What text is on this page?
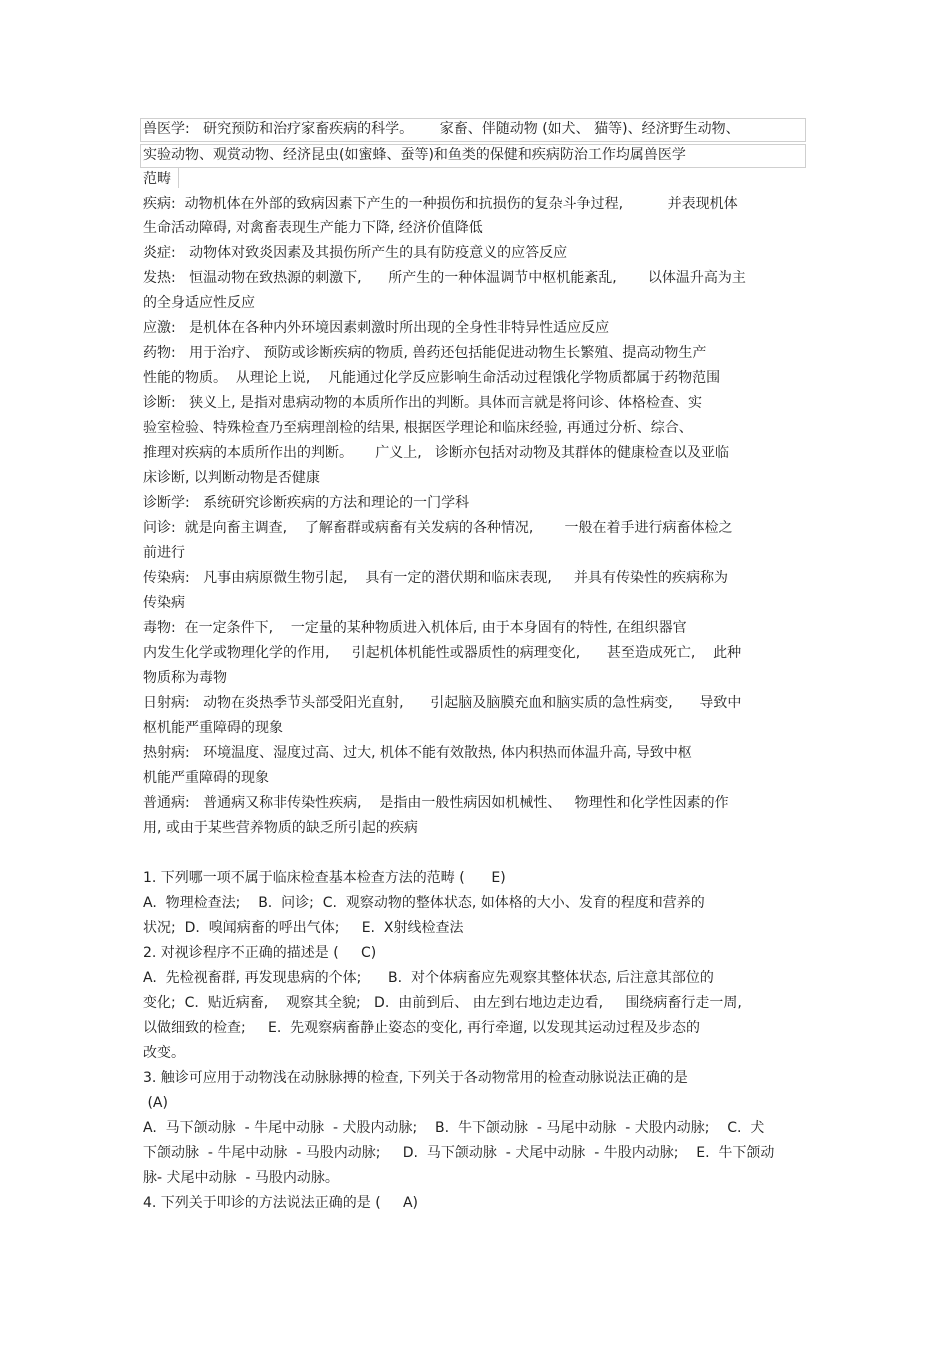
兽医学:   研究预防和治疗家畜疾病的科学。      家畜、伴随动物 (如犬、 猫等)、经济野生动物、
实验动物、观赏动物、经济昆虫(如蜜蜂、蚕等)和鱼类的保健和疾病防治工作均属兽医学
范畴
疾病:  动物机体在外部的致病因素下产生的一种损伤和抗损伤的复杂斗争过程,          并表现机体
生命活动障碍, 对禽畜表现生产能力下降, 经济价值降低
炎症:   动物体对致炎因素及其损伤所产生的具有防疫意义的应答反应
发热:   恒温动物在致热源的刺激下,      所产生的一种体温调节中枢机能紊乱,       以体温升高为主
的全身适应性反应
应激:   是机体在各种内外环境因素刺激时所出现的全身性非特异性适应反应
药物:   用于治疗、 预防或诊断疾病的物质, 兽药还包括能促进动物生长繁殖、提高动物生产
性能的物质。  从理论上说,    凡能通过化学反应影响生命活动过程饿化学物质都属于药物范围
诊断:   狭义上, 是指对患病动物的本质所作出的判断。具体而言就是将问诊、体格检查、实
验室检验、特殊检查乃至病理剖检的结果, 根据医学理论和临床经验, 再通过分析、综合、
推理对疾病的本质所作出的判断。     广义上,   诊断亦包括对动物及其群体的健康检查以及亚临
床诊断, 以判断动物是否健康
诊断学:   系统研究诊断疾病的方法和理论的一门学科
问诊:  就是向畜主调查,    了解畜群或病畜有关发病的各种情况,       一般在着手进行病畜体检之
前进行
传染病:   凡事由病原微生物引起,    具有一定的潜伏期和临床表现,     并具有传染性的疾病称为
传染病
毒物:  在一定条件下,    一定量的某种物质进入机体后, 由于本身固有的特性, 在组织器官
内发生化学或物理化学的作用,     引起机体机能性或器质性的病理变化,      甚至造成死亡,    此种
物质称为毒物
日射病:   动物在炎热季节头部受阳光直射,      引起脑及脑膜充血和脑实质的急性病变,      导致中
枢机能严重障碍的现象
热射病:   环境温度、湿度过高、过大, 机体不能有效散热, 体内积热而体温升高, 导致中枢
机能严重障碍的现象
普通病:   普通病又称非传染性疾病,    是指由一般性病因如机械性、   物理性和化学性因素的作
用, 或由于某些营养物质的缺乏所引起的疾病
1. 下列哪一项不属于临床检查基本检查方法的范畴 (      E)
A.  物理检查法;    B.  问诊;  C.  观察动物的整体状态, 如体格的大小、发育的程度和营养的
状况;  D.  嗅闻病畜的呼出气体;     E.  X射线检查法
2. 对视诊程序不正确的描述是 (     C)
A.  先检视畜群, 再发现患病的个体;      B.  对个体病畜应先观察其整体状态, 后注意其部位的
变化;  C.  贴近病畜,    观察其全貌;   D.  由前到后、 由左到右地边走边看,     围绕病畜行走一周,
以做细致的检查;     E.  先观察病畜静止姿态的变化, 再行牵遛, 以发现其运动过程及步态的
改变。
3. 触诊可应用于动物浅在动脉脉搏的检查, 下列关于各动物常用的检查动脉说法正确的是
(A)
A.  马下颌动脉  - 牛尾中动脉  - 犬股内动脉;    B.  牛下颌动脉  - 马尾中动脉  - 犬股内动脉;    C.  犬
下颌动脉  - 牛尾中动脉  - 马股内动脉;     D.  马下颌动脉  - 犬尾中动脉  - 牛股内动脉;    E.  牛下颌动
脉- 犬尾中动脉  - 马股内动脉。
4. 下列关于叩诊的方法说法正确的是 (     A)
